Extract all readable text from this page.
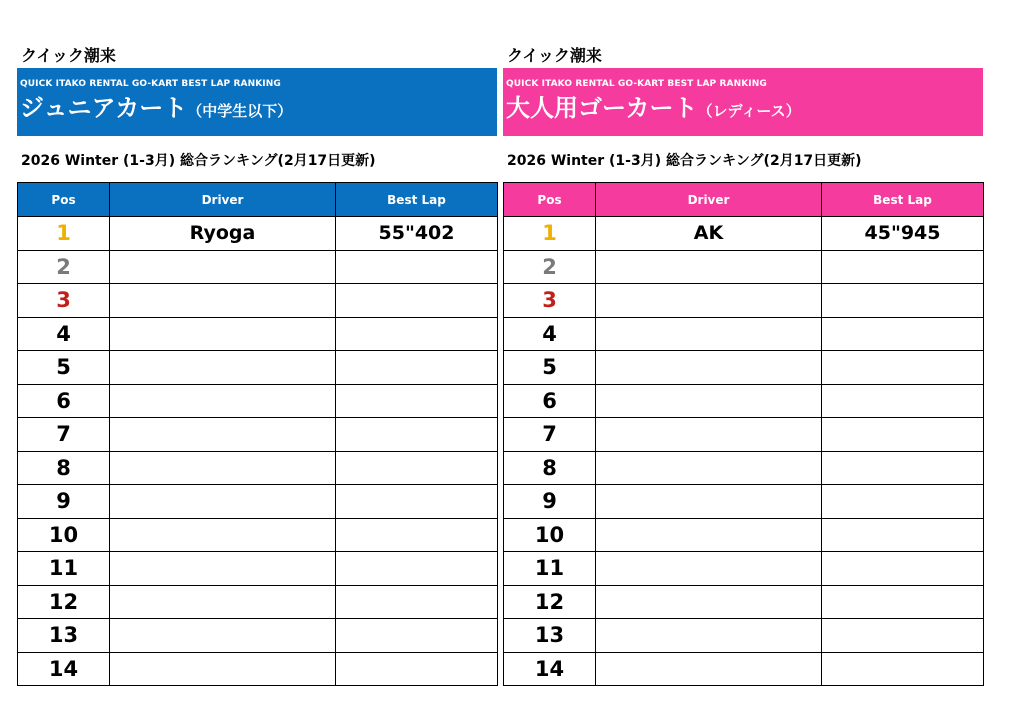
クイック潮来
QUICK ITAKO RENTAL GO-KART BEST LAP RANKING
ジュニアカート（中学生以下）
2026 Winter (1-3月) 総合ランキング(2月17日更新)
Pos	Driver	Best Lap
1	Ryoga	55"402
2		
3		
4		
5		
6		
7		
8		
9		
10		
11		
12		
13		
14		
クイック潮来
QUICK ITAKO RENTAL GO-KART BEST LAP RANKING
大人用ゴーカート（レディース）
2026 Winter (1-3月) 総合ランキング(2月17日更新)
Pos	Driver	Best Lap
1	AK	45"945
2		
3		
4		
5		
6		
7		
8		
9		
10		
11		
12		
13		
14		
